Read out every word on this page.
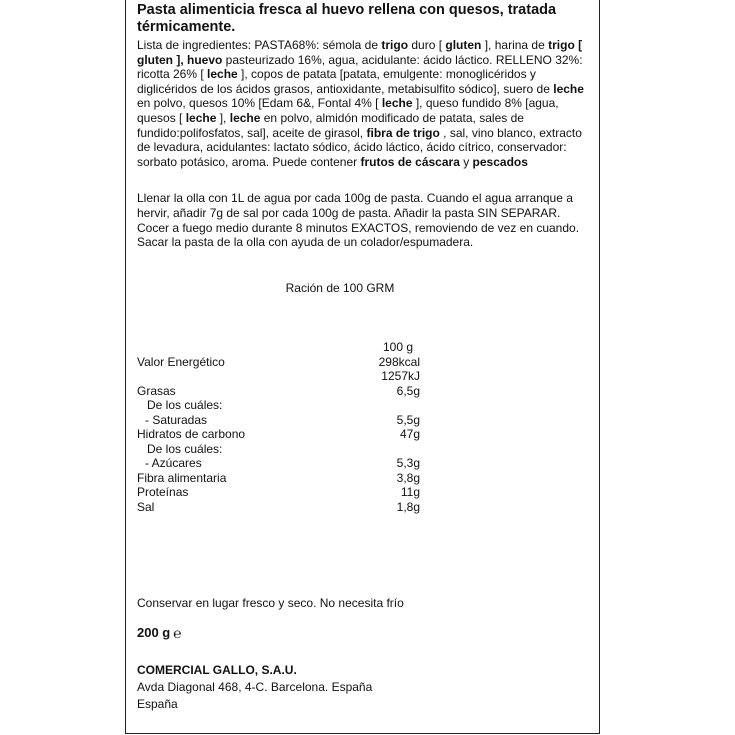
Pasta alimenticia fresca al huevo rellena con quesos, tratada térmicamente.
Lista de ingredientes: PASTA68%: sémola de trigo duro [ gluten ], harina de trigo [ gluten ], huevo pasteurizado 16%, agua, acidulante: ácido láctico. RELLENO 32%: ricotta 26% [ leche ], copos de patata [patata, emulgente: monoglicéridos y diglicéridos de los ácidos grasos, antioxidante, metabisulfito sódico], suero de leche en polvo, quesos 10% [Edam 6&, Fontal 4% [ leche ], queso fundido 8% [agua, quesos [ leche ], leche en polvo, almidón modificado de patata, sales de fundido:polifosfatos, sal], aceite de girasol, fibra de trigo , sal, vino blanco, extracto de levadura, acidulantes: lactato sódico, ácido láctico, ácido cítrico, conservador: sorbato potásico, aroma. Puede contener frutos de cáscara y pescados
Llenar la olla con 1L de agua por cada 100g de pasta. Cuando el agua arranque a hervir, añadir 7g de sal por cada 100g de pasta. Añadir la pasta SIN SEPARAR. Cocer a fuego medio durante 8 minutos EXACTOS, removiendo de vez en cuando. Sacar la pasta de la olla con ayuda de un colador/espumadera.
Ración de 100 GRM
100 g
Valor Energético	298kcal
1257kJ
Grasas	6,5g
De los cuáles:
- Saturadas	5,5g
Hidratos de carbono	47g
De los cuáles:
- Azúcares	5,3g
Fibra alimentaria	3,8g
Proteínas	11g
Sal	1,8g
Conservar en lugar fresco y seco. No necesita frío
200 g ℮
COMERCIAL GALLO, S.A.U.
Avda Diagonal 468, 4-C. Barcelona. España
España
